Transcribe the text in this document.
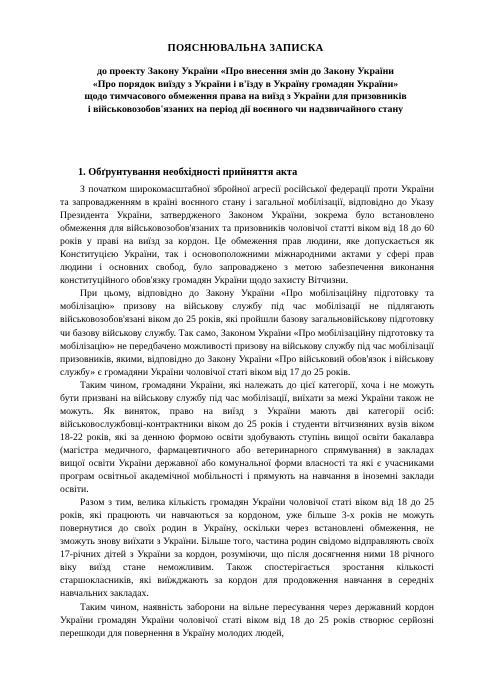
ПОЯСНЮВАЛЬНА ЗАПИСКА
до проекту Закону України «Про внесення змін до Закону України
«Про порядок виїзду з України і в'їзду в Україну громадян України»
щодо тимчасового обмеження права на виїзд з України для призовників
і військовозобов'язаних на період дії воєнного чи надзвичайного стану
1. Обґрунтування необхідності прийняття акта

З початком широкомасштабної збройної агресії російської федерації проти України та запровадженням в країні воєнного стану і загальної мобілізації, відповідно до Указу Президента України, затвердженого Законом України, зокрема було встановлено обмеження для військовозобов'язаних та призовників чоловічої статті віком від 18 до 60 років у праві на виїзд за кордон. Це обмеження прав людини, яке допускається як Конституцією України, так і основоположними міжнародними актами у сфері прав людини і основних свобод, було запроваджено з метою забезпечення виконання конституційного обов'язку громадян України щодо захисту Вітчизни.

При цьому, відповідно до Закону України «Про мобілізаційну підготовку та мобілізацію» призову на військову службу під час мобілізації не підлягають військовозобов'язані віком до 25 років, які пройшли базову загальновійськову підготовку чи базову військову службу. Так само, Законом України «Про мобілізаційну підготовку та мобілізацію» не передбачено можливості призову на військову службу під час мобілізації призовників, якими, відповідно до Закону України «Про військовий обов'язок і військову службу» є громадяни України чоловічої статі віком від 17 до 25 років.

Таким чином, громадяни України, які належать до цієї категорії, хоча і не можуть бути призвані на військову службу під час мобілізації, виїхати за межі України також не можуть. Як виняток, право на виїзд з України мають дві категорії осіб: військовослужбовці-контрактники віком до 25 років і студенти вітчизняних вузів віком 18-22 років, які за денною формою освіти здобувають ступінь вищої освіти бакалавра (магістра медичного, фармацевтичного або ветеринарного спрямування) в закладах вищої освіти України державної або комунальної форми власності та які є учасниками програм освітньої академічної мобільності і прямують на навчання в іноземні заклади освіти.

Разом з тим, велика кількість громадян України чоловічої статі віком від 18 до 25 років, які працюють чи навчаються за кордоном, уже більше 3-х років не можуть повернутися до своїх родин в Україну, оскільки через встановлені обмеження, не зможуть знову виїхати з України. Більше того, частина родин свідомо відправляють своїх 17-річних дітей з України за кордон, розуміючи, що після досягнення ними 18 річного віку виїзд стане неможливим. Також спостерігається зростання кількості старшокласників, які виїжджають за кордон для продовження навчання в середніх навчальних закладах.

Таким чином, наявність заборони на вільне пересування через державний кордон України громадян України чоловічої статі віком від 18 до 25 років створює серйозні перешкоди для повернення в Україну молодих людей,
